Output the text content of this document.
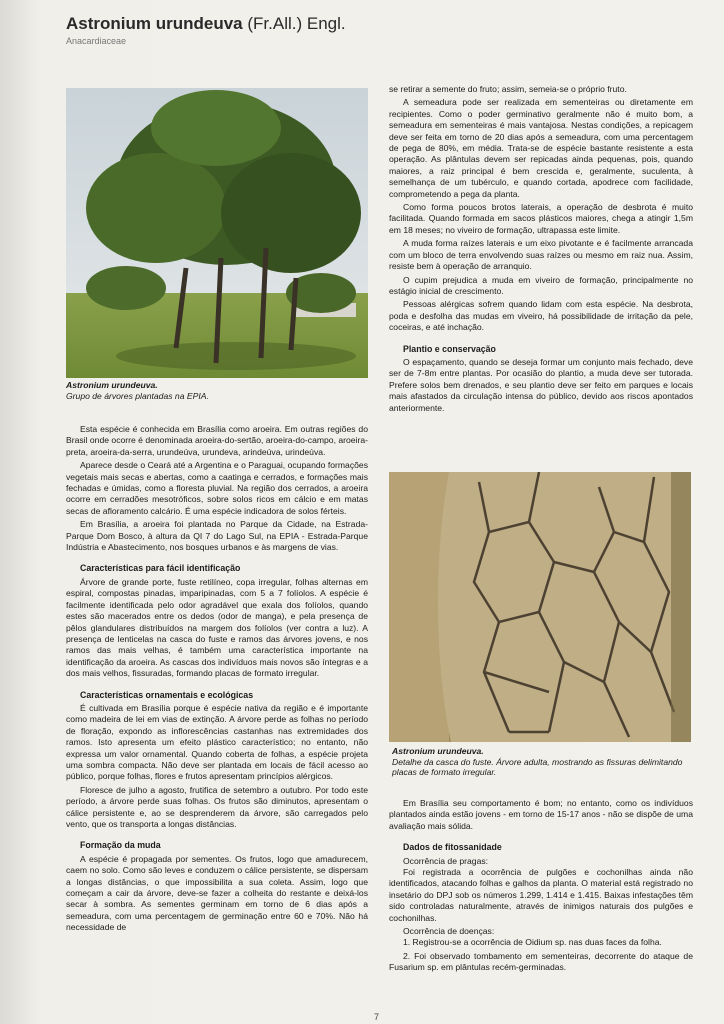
Astronium urundeuva (Fr.All.) Engl.
Anacardiaceae
Astronium urundeuva.
Grupo de árvores plantadas na EPIA.

Esta espécie é conhecida em Brasília como aroeira. Em outras regiões do Brasil onde ocorre é denominada aroeira-do-sertão, aroeira-do-campo, aroeira-preta, aroeira-da-serra, urundeúva, urundeva, arindeúva, urindeúva.

Aparece desde o Ceará até a Argentina e o Paraguai, ocupando formações vegetais mais secas e abertas, como a caatinga e cerrados, e formações mais fechadas e úmidas, como a floresta pluvial. Na região dos cerrados, a aroeira ocorre em cerradões mesotróficos, sobre solos ricos em cálcio e em matas secas de afloramento calcário. É uma espécie indicadora de solos férteis.

Em Brasília, a aroeira foi plantada no Parque da Cidade, na Estrada-Parque Dom Bosco, à altura da QI 7 do Lago Sul, na EPIA - Estrada-Parque Indústria e Abastecimento, nos bosques urbanos e às margens de vias.

Características para fácil identificação

Árvore de grande porte, fuste retilíneo, copa irregular, folhas alternas em espiral, compostas pinadas, imparipinadas, com 5 a 7 folíolos. A espécie é facilmente identificada pelo odor agradável que exala dos folíolos, quando estes são macerados entre os dedos (odor de manga), e pela presença de pêlos glandulares distribuídos na margem dos folíolos (ver contra a luz). A presença de lenticelas na casca do fuste e ramos das árvores jovens, e nos ramos das mais velhas, é também uma característica importante na identificação da aroeira. As cascas dos indivíduos mais novos são íntegras e a dos mais velhos, fissuradas, formando placas de formato irregular.

Características ornamentais e ecológicas

É cultivada em Brasília porque é espécie nativa da região e é importante como madeira de lei em vias de extinção. A árvore perde as folhas no período de floração, expondo as inflorescências castanhas nas extremidades dos ramos. Isto apresenta um efeito plástico característico; no entanto, não expressa um valor ornamental. Quando coberta de folhas, a espécie projeta uma sombra compacta. Não deve ser plantada em locais de fácil acesso ao público, porque folhas, flores e frutos apresentam princípios alérgicos.

Floresce de julho a agosto, frutifica de setembro a outubro. Por todo este período, a árvore perde suas folhas. Os frutos são diminutos, apresentam o cálice persistente e, ao se desprenderem da árvore, são carregados pelo vento, que os transporta a longas distâncias.

Formação da muda

A espécie é propagada por sementes. Os frutos, logo que amadurecem, caem no solo. Como são leves e conduzem o cálice persistente, se dispersam a longas distâncias, o que impossibilita a sua coleta. Assim, logo que começam a cair da árvore, deve-se fazer a colheita do restante e deixá-los secar à sombra. As sementes germinam em torno de 6 dias após a semeadura, com uma percentagem de germinação entre 60 e 70%. Não há necessidade de

se retirar a semente do fruto; assim, semeia-se o próprio fruto.

A semeadura pode ser realizada em sementeiras ou diretamente em recipientes. Como o poder germinativo geralmente não é muito bom, a semeadura em sementeiras é mais vantajosa. Nestas condições, a repicagem deve ser feita em torno de 20 dias após a semeadura, com uma percentagem de pega de 80%, em média. Trata-se de espécie bastante resistente a esta operação. As plântulas devem ser repicadas ainda pequenas, pois, quando maiores, a raiz principal é bem crescida e, geralmente, suculenta, à semelhança de um tubérculo, e quando cortada, apodrece com facilidade, comprometendo a pega da planta.

Como forma poucos brotos laterais, a operação de desbrota é muito facilitada. Quando formada em sacos plásticos maiores, chega a atingir 1,5m em 18 meses; no viveiro de formação, ultrapassa este limite.

A muda forma raízes laterais e um eixo pivotante e é facilmente arrancada com um bloco de terra envolvendo suas raízes ou mesmo em raiz nua. Assim, resiste bem à operação de arranquio.

O cupim prejudica a muda em viveiro de formação, principalmente no estágio inicial de crescimento.

Pessoas alérgicas sofrem quando lidam com esta espécie. Na desbrota, poda e desfolha das mudas em viveiro, há possibilidade de irritação da pele, coceiras, e até inchação.

Plantio e conservação

O espaçamento, quando se deseja formar um conjunto mais fechado, deve ser de 7-8m entre plantas. Por ocasião do plantio, a muda deve ser tutorada. Prefere solos bem drenados, e seu plantio deve ser feito em parques e locais mais afastados da circulação intensa do público, devido aos riscos apontados anteriormente.

Astronium urundeuva.
Detalhe da casca do fuste. Árvore adulta, mostrando as fissuras delimitando placas de formato irregular.

Em Brasília seu comportamento é bom; no entanto, como os indivíduos plantados ainda estão jovens - em torno de 15-17 anos - não se dispõe de uma avaliação mais sólida.

Dados de fitossanidade

Ocorrência de pragas:

Foi registrada a ocorrência de pulgões e cochonilhas ainda não identificados, atacando folhas e galhos da planta. O material está registrado no insetário do DPJ sob os números 1.299, 1.414 e 1.415. Baixas infestações têm sido controladas naturalmente, através de inimigos naturais dos pulgões e cochonilhas.

Ocorrência de doenças:

1. Registrou-se a ocorrência de Oidium sp. nas duas faces da folha.

2. Foi observado tombamento em sementeiras, decorrente do ataque de Fusarium sp. em plântulas recém-germinadas.

7
